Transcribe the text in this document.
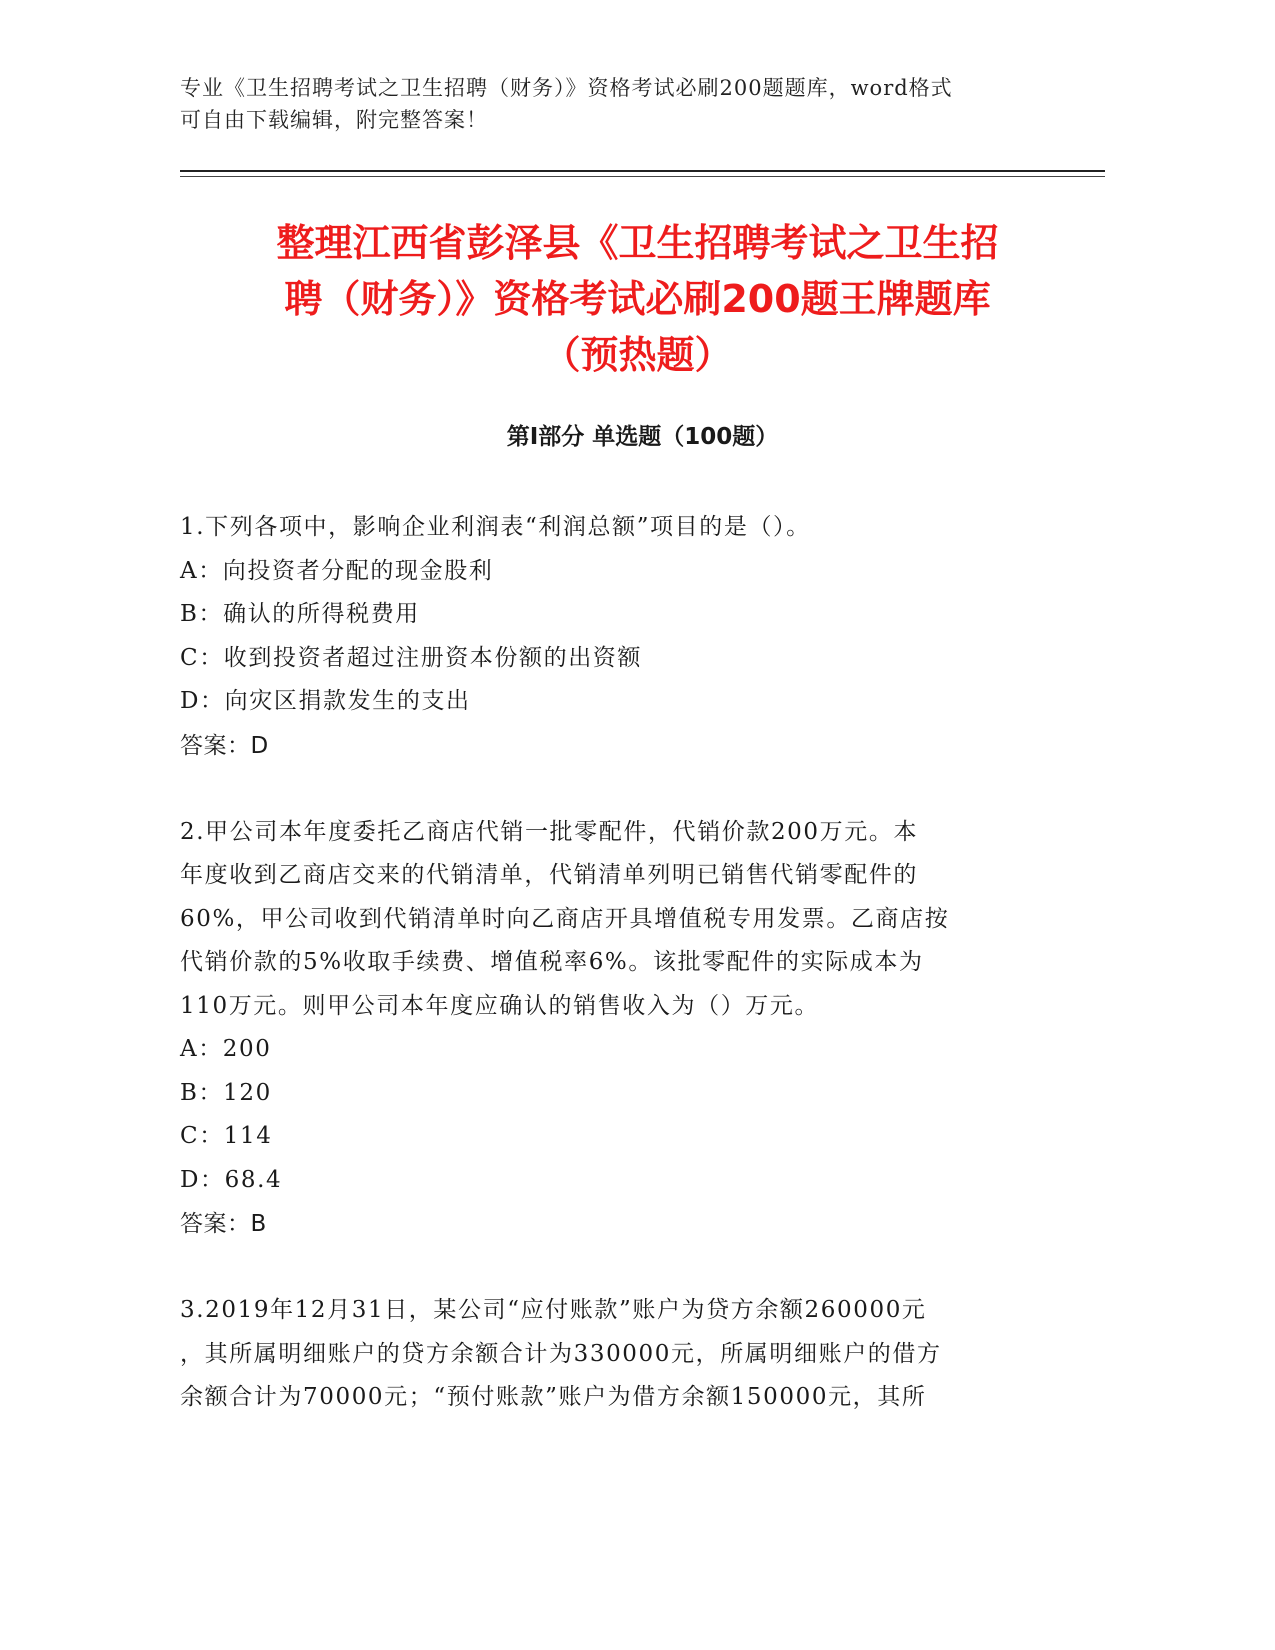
专业《卫生招聘考试之卫生招聘（财务）》资格考试必刷200题题库，word格式
可自由下载编辑，附完整答案！
整理江西省彭泽县《卫生招聘考试之卫生招
聘（财务）》资格考试必刷200题王牌题库
（预热题）
第I部分 单选题（100题）

1.下列各项中，影响企业利润表“利润总额”项目的是（）。

A：向投资者分配的现金股利

B：确认的所得税费用

C：收到投资者超过注册资本份额的出资额

D：向灾区捐款发生的支出

答案：D

2.甲公司本年度委托乙商店代销一批零配件，代销价款200万元。本

年度收到乙商店交来的代销清单，代销清单列明已销售代销零配件的

60%，甲公司收到代销清单时向乙商店开具增值税专用发票。乙商店按

代销价款的5%收取手续费、增值税率6%。该批零配件的实际成本为

110万元。则甲公司本年度应确认的销售收入为（）万元。

A：200

B：120

C：114

D：68.4

答案：B

3.2019年12月31日，某公司“应付账款”账户为贷方余额260000元

，其所属明细账户的贷方余额合计为330000元，所属明细账户的借方

余额合计为70000元；“预付账款”账户为借方余额150000元，其所
